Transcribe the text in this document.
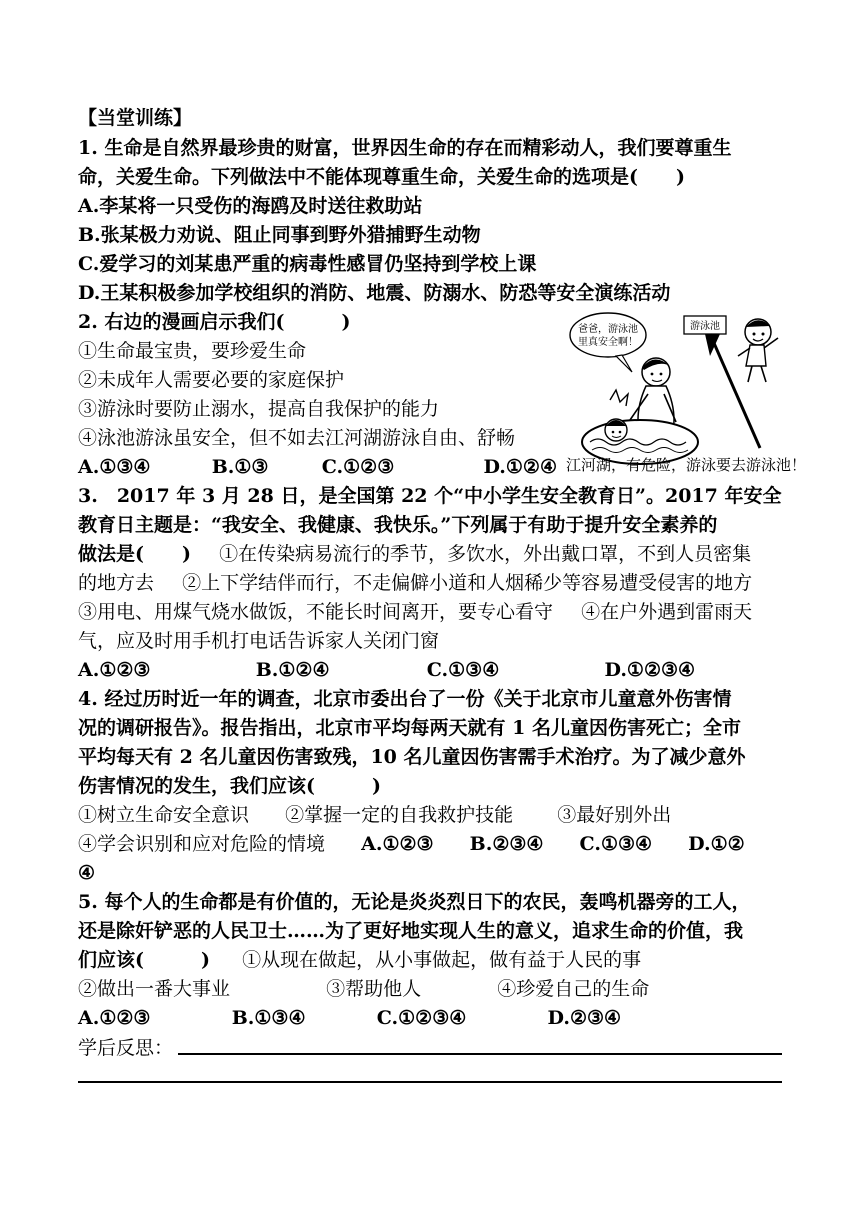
【当堂训练】
1. 生命是自然界最珍贵的财富，世界因生命的存在而精彩动人，我们要尊重生
命，关爱生命。下列做法中不能体现尊重生命，关爱生命的选项是(　　)
A.李某将一只受伤的海鸥及时送往救助站
B.张某极力劝说、阻止同事到野外猎捕野生动物
C.爱学习的刘某患严重的病毒性感冒仍坚持到学校上课
D.王某积极参加学校组织的消防、地震、防溺水、防恐等安全演练活动
2. 右边的漫画启示我们(　　　)
①生命最宝贵，要珍爱生命
②未成年人需要必要的家庭保护
③游泳时要防止溺水，提高自我保护的能力
④泳池游泳虽安全，但不如去江河湖游泳自由、舒畅
A.①③④	B.①③	C.①②③	D.①②④
爸爸，游泳池
里真安全啊！
游泳池
江河湖，有危险，游泳要去游泳池！
3.　2017 年 3 月 28 日，是全国第 22 个“中小学生安全教育日”。2017 年安全
教育日主题是：“我安全、我健康、我快乐。”下列属于有助于提升安全素养的
做法是(　　) ①在传染病易流行的季节，多饮水，外出戴口罩，不到人员密集
的地方去 ②上下学结伴而行，不走偏僻小道和人烟稀少等容易遭受侵害的地方
③用电、用煤气烧水做饭，不能长时间离开，要专心看守 ④在户外遇到雷雨天
气，应及时用手机打电话告诉家人关闭门窗
A.①②③	B.①②④	C.①③④	D.①②③④
4. 经过历时近一年的调查，北京市委出台了一份《关于北京市儿童意外伤害情
况的调研报告》。报告指出，北京市平均每两天就有 1 名儿童因伤害死亡；全市
平均每天有 2 名儿童因伤害致残，10 名儿童因伤害需手术治疗。为了减少意外
伤害情况的发生，我们应该(　　　)
①树立生命安全意识 ②掌握一定的自我救护技能 ③最好别外出
④学会识别和应对危险的情境 A.①②③ B.②③④ C.①③④ D.①②
④
5. 每个人的生命都是有价值的，无论是炎炎烈日下的农民，轰鸣机器旁的工人，
还是除奸铲恶的人民卫士……为了更好地实现人生的意义，追求生命的价值，我
们应该(　　　) ①从现在做起，从小事做起，做有益于人民的事
②做出一番大事业	③帮助他人	④珍爱自己的生命
A.①②③	B.①③④	C.①②③④	D.②③④
学后反思：
